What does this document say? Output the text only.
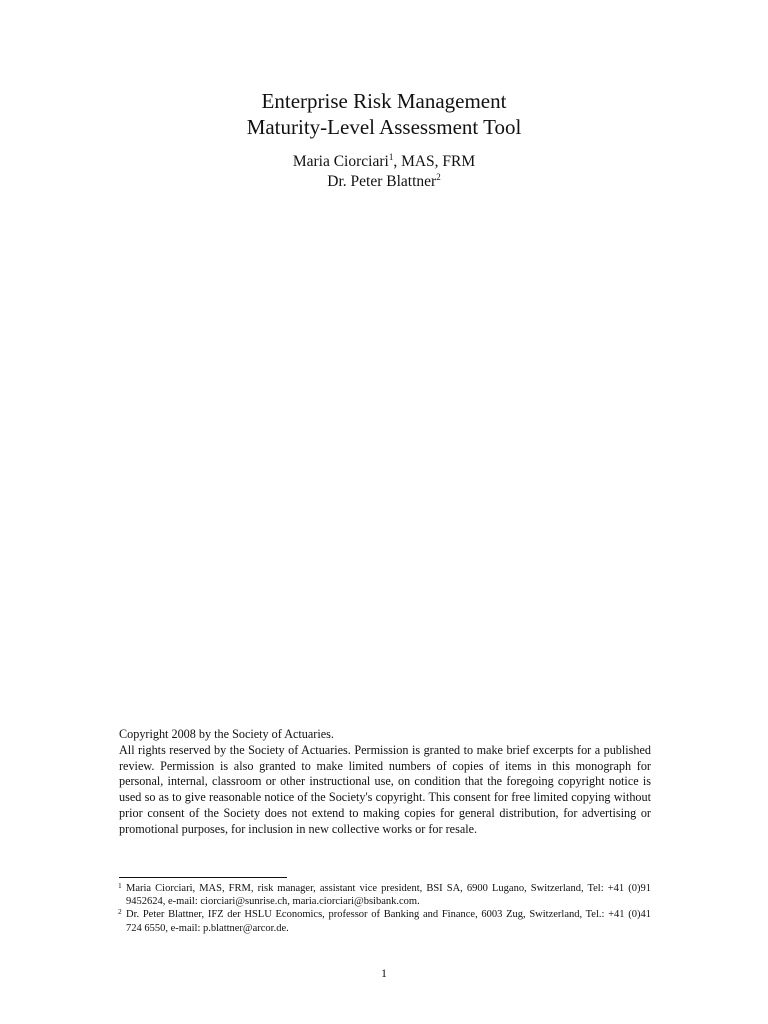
Enterprise Risk Management
Maturity-Level Assessment Tool
Maria Ciorciari$^1$, MAS, FRM
Dr. Peter Blattner$^2$
Copyright 2008 by the Society of Actuaries.
All rights reserved by the Society of Actuaries. Permission is granted to make brief excerpts for a published review. Permission is also granted to make limited numbers of copies of items in this monograph for personal, internal, classroom or other instructional use, on condition that the foregoing copyright notice is used so as to give reasonable notice of the Society's copyright. This consent for free limited copying without prior consent of the Society does not extend to making copies for general distribution, for advertising or promotional purposes, for inclusion in new collective works or for resale.
1 Maria Ciorciari, MAS, FRM, risk manager, assistant vice president, BSI SA, 6900 Lugano, Switzerland, Tel: +41 (0)91 9452624, e-mail: ciorciari@sunrise.ch, maria.ciorciari@bsibank.com.
2 Dr. Peter Blattner, IFZ der HSLU Economics, professor of Banking and Finance, 6003 Zug, Switzerland, Tel.: +41 (0)41 724 6550, e-mail: p.blattner@arcor.de.
1
